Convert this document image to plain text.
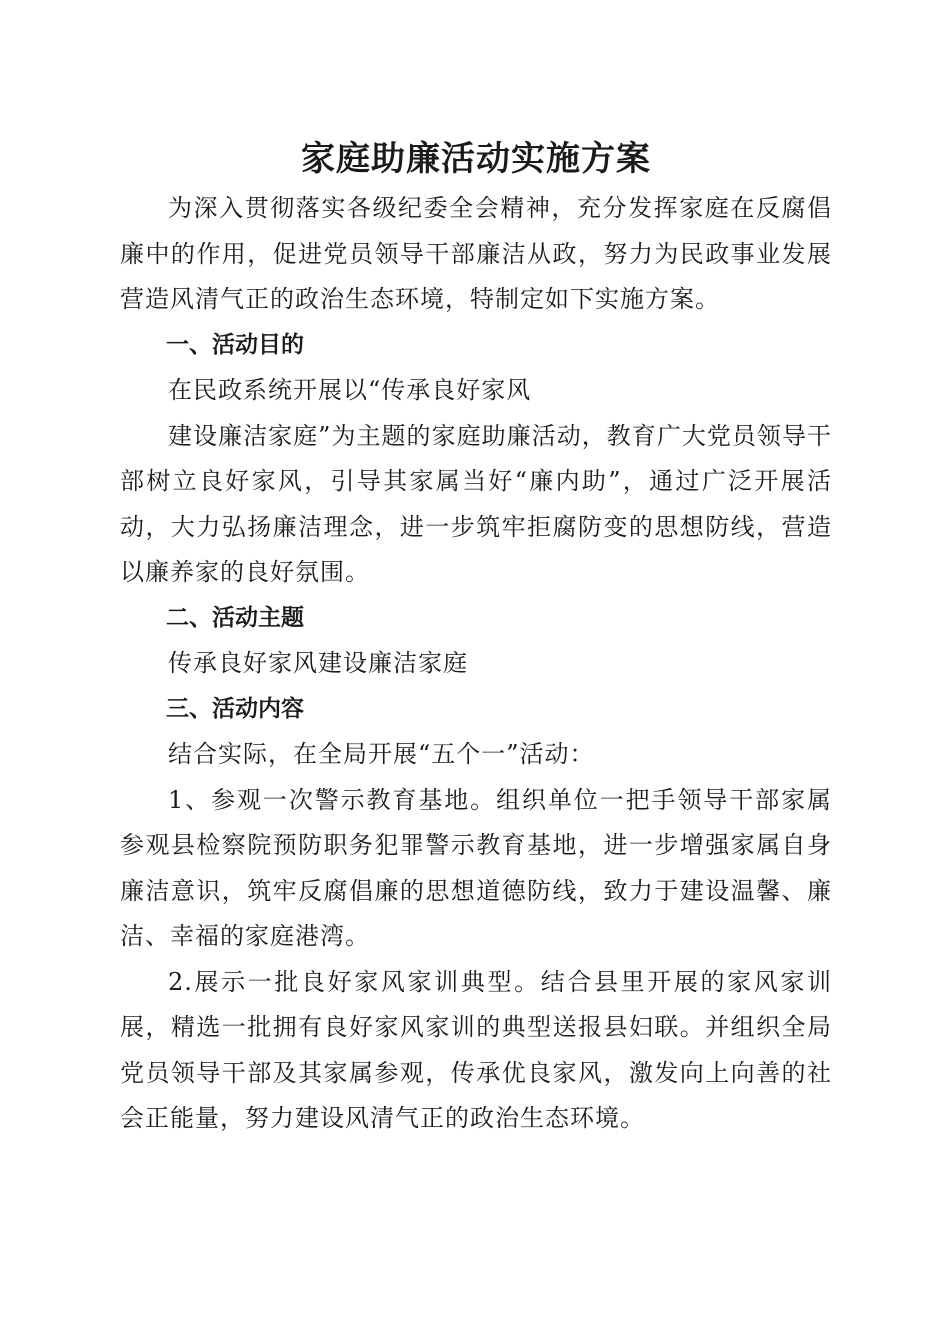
家庭助廉活动实施方案

为深入贯彻落实各级纪委全会精神，充分发挥家庭在反腐倡廉中的作用，促进党员领导干部廉洁从政，努力为民政事业发展营造风清气正的政治生态环境，特制定如下实施方案。

一、活动目的

在民政系统开展以“传承良好家风

建设廉洁家庭”为主题的家庭助廉活动，教育广大党员领导干部树立良好家风，引导其家属当好“廉内助”，通过广泛开展活动，大力弘扬廉洁理念，进一步筑牢拒腐防变的思想防线，营造以廉养家的良好氛围。

二、活动主题

传承良好家风建设廉洁家庭

三、活动内容

结合实际，在全局开展“五个一”活动：

1、参观一次警示教育基地。组织单位一把手领导干部家属参观县检察院预防职务犯罪警示教育基地，进一步增强家属自身廉洁意识，筑牢反腐倡廉的思想道德防线，致力于建设温馨、廉洁、幸福的家庭港湾。

2.展示一批良好家风家训典型。结合县里开展的家风家训展，精选一批拥有良好家风家训的典型送报县妇联。并组织全局党员领导干部及其家属参观，传承优良家风，激发向上向善的社会正能量，努力建设风清气正的政治生态环境。
